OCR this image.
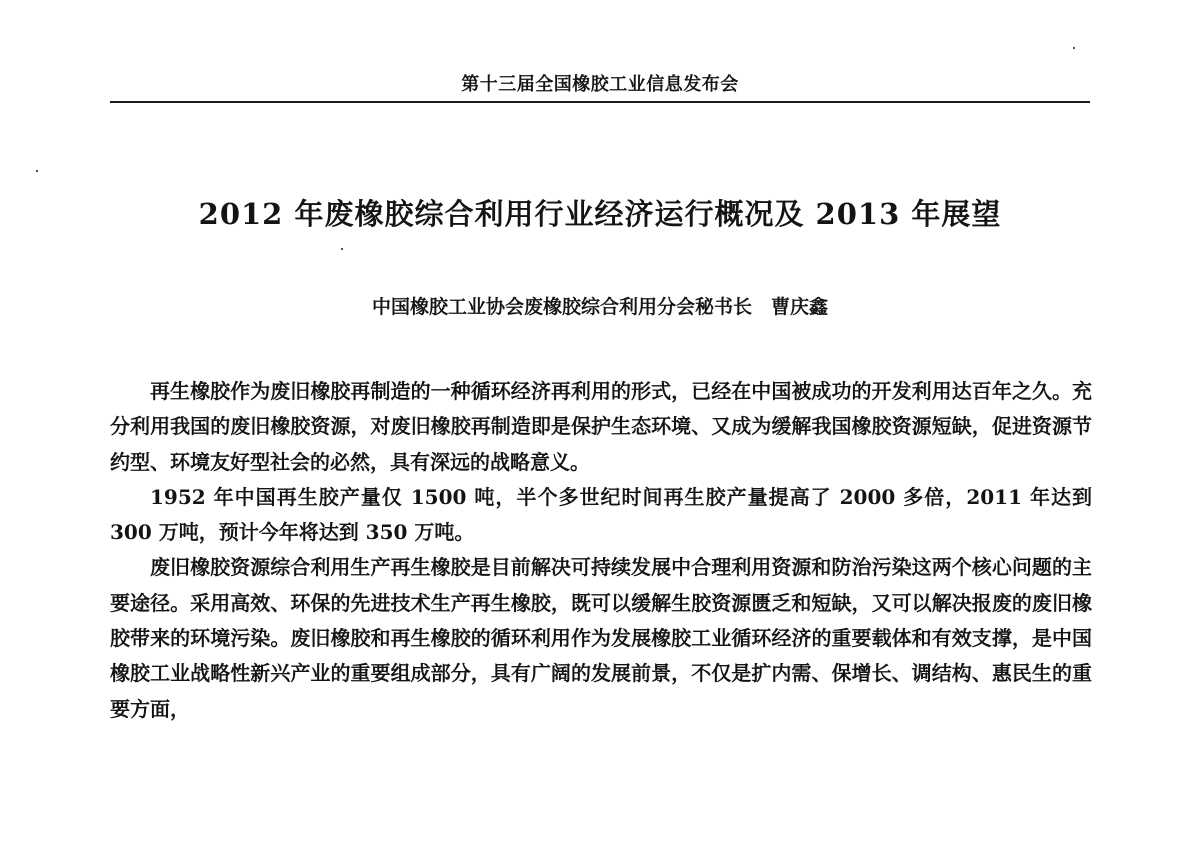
第十三届全国橡胶工业信息发布会
2012 年废橡胶综合利用行业经济运行概况及 2013 年展望
中国橡胶工业协会废橡胶综合利用分会秘书长　曹庆鑫

再生橡胶作为废旧橡胶再制造的一种循环经济再利用的形式，已经在中国被成功的开发利用达百年之久。充分利用我国的废旧橡胶资源，对废旧橡胶再制造即是保护生态环境、又成为缓解我国橡胶资源短缺，促进资源节约型、环境友好型社会的必然，具有深远的战略意义。

1952 年中国再生胶产量仅 1500 吨，半个多世纪时间再生胶产量提高了 2000 多倍，2011 年达到 300 万吨，预计今年将达到 350 万吨。

废旧橡胶资源综合利用生产再生橡胶是目前解决可持续发展中合理利用资源和防治污染这两个核心问题的主要途径。采用高效、环保的先进技术生产再生橡胶，既可以缓解生胶资源匮乏和短缺，又可以解决报废的废旧橡胶带来的环境污染。废旧橡胶和再生橡胶的循环利用作为发展橡胶工业循环经济的重要载体和有效支撑，是中国橡胶工业战略性新兴产业的重要组成部分，具有广阔的发展前景，不仅是扩内需、保增长、调结构、惠民生的重要方面，
